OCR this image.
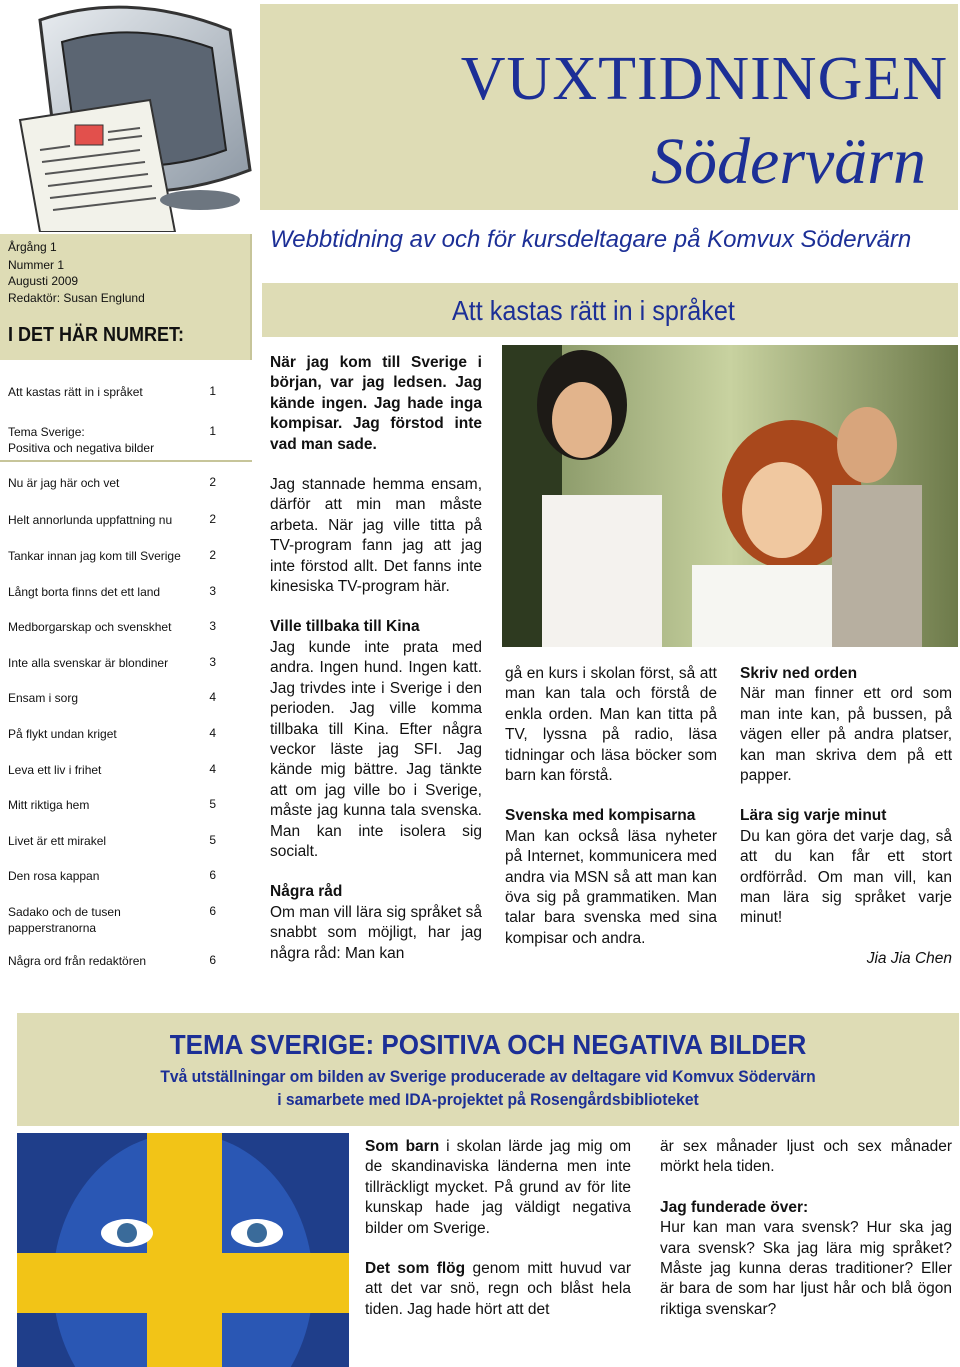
VUXTIDNINGEN
Södervärn
Webbtidning av och för kursdeltagare på Komvux Södervärn
Årgång 1
Nummer 1
Augusti 2009
Redaktör: Susan Englund
I DET HÄR NUMRET:
Att kastas rätt in i språket	1
Tema Sverige:
Positiva och negativa bilder
1
Nu är jag här och vet	2
Helt annorlunda uppfattning nu	2
Tankar innan jag kom till Sverige 2
Långt borta finns det ett land	3
Medborgarskap och svenskhet	3
Inte alla svenskar är blondiner	3
Ensam i sorg	4
På flykt undan kriget	4
Leva ett liv i frihet	4
Mitt riktiga hem	5
Livet är ett mirakel	5
Den rosa kappan	6
Sadako och de tusen
papperstranorna
6
Några ord från redaktören	6
Att kastas rätt in i språket

När jag kom till Sverige i början, var jag ledsen. Jag kände ingen. Jag hade inga kompisar. Jag förstod inte vad man sade.

Jag stannade hemma ensam, därför att min man måste arbeta. När jag ville titta på TV-program fann jag att jag inte förstod allt. Det fanns inte kinesiska TV-program här.

Ville tillbaka till Kina

Jag kunde inte prata med andra. Ingen hund. Ingen katt. Jag trivdes inte i Sverige i den perioden. Jag ville komma tillbaka till Kina. Efter några veckor läste jag SFI. Jag kände mig bättre. Jag tänkte att om jag ville bo i Sverige, måste jag kunna tala svenska. Man kan inte isolera sig socialt.

Några råd

Om man vill lära sig språket så snabbt som möjligt, har jag några råd: Man kan

gå en kurs i skolan först, så att man kan tala och förstå de enkla orden. Man kan titta på TV, lyssna på radio, läsa tidningar och läsa böcker som barn kan förstå.

Svenska med kompisarna

Man kan också läsa nyheter på Internet, kommunicera med andra via MSN så att man kan öva sig på grammatiken. Man talar bara svenska med sina kompisar och andra.

Skriv ned orden

När man finner ett ord som man inte kan, på bussen, på vägen eller på andra platser, kan man skriva dem på ett papper.

Lära sig varje minut

Du kan göra det varje dag, så att du kan får ett stort ordförråd. Om man vill, kan man lära sig språket varje minut!

Jia Jia Chen

TEMA SVERIGE: POSITIVA OCH NEGATIVA BILDER
Två utställningar om bilden av Sverige producerade av deltagare vid Komvux Södervärn
i samarbete med IDA-projektet på Rosengårdsbiblioteket

Som barn i skolan lärde jag mig om de skandinaviska länderna men inte tillräckligt mycket. På grund av för lite kunskap hade jag väldigt negativa bilder om Sverige.

Det som flög genom mitt huvud var att det var snö, regn och blåst hela tiden. Jag hade hört att det

är sex månader ljust och sex månader mörkt hela tiden.

Jag funderade över:

Hur kan man vara svensk? Hur ska jag vara svensk? Ska jag lära mig språket? Måste jag kunna deras traditioner? Eller är bara de som har ljust hår och blå ögon riktiga svenskar?
